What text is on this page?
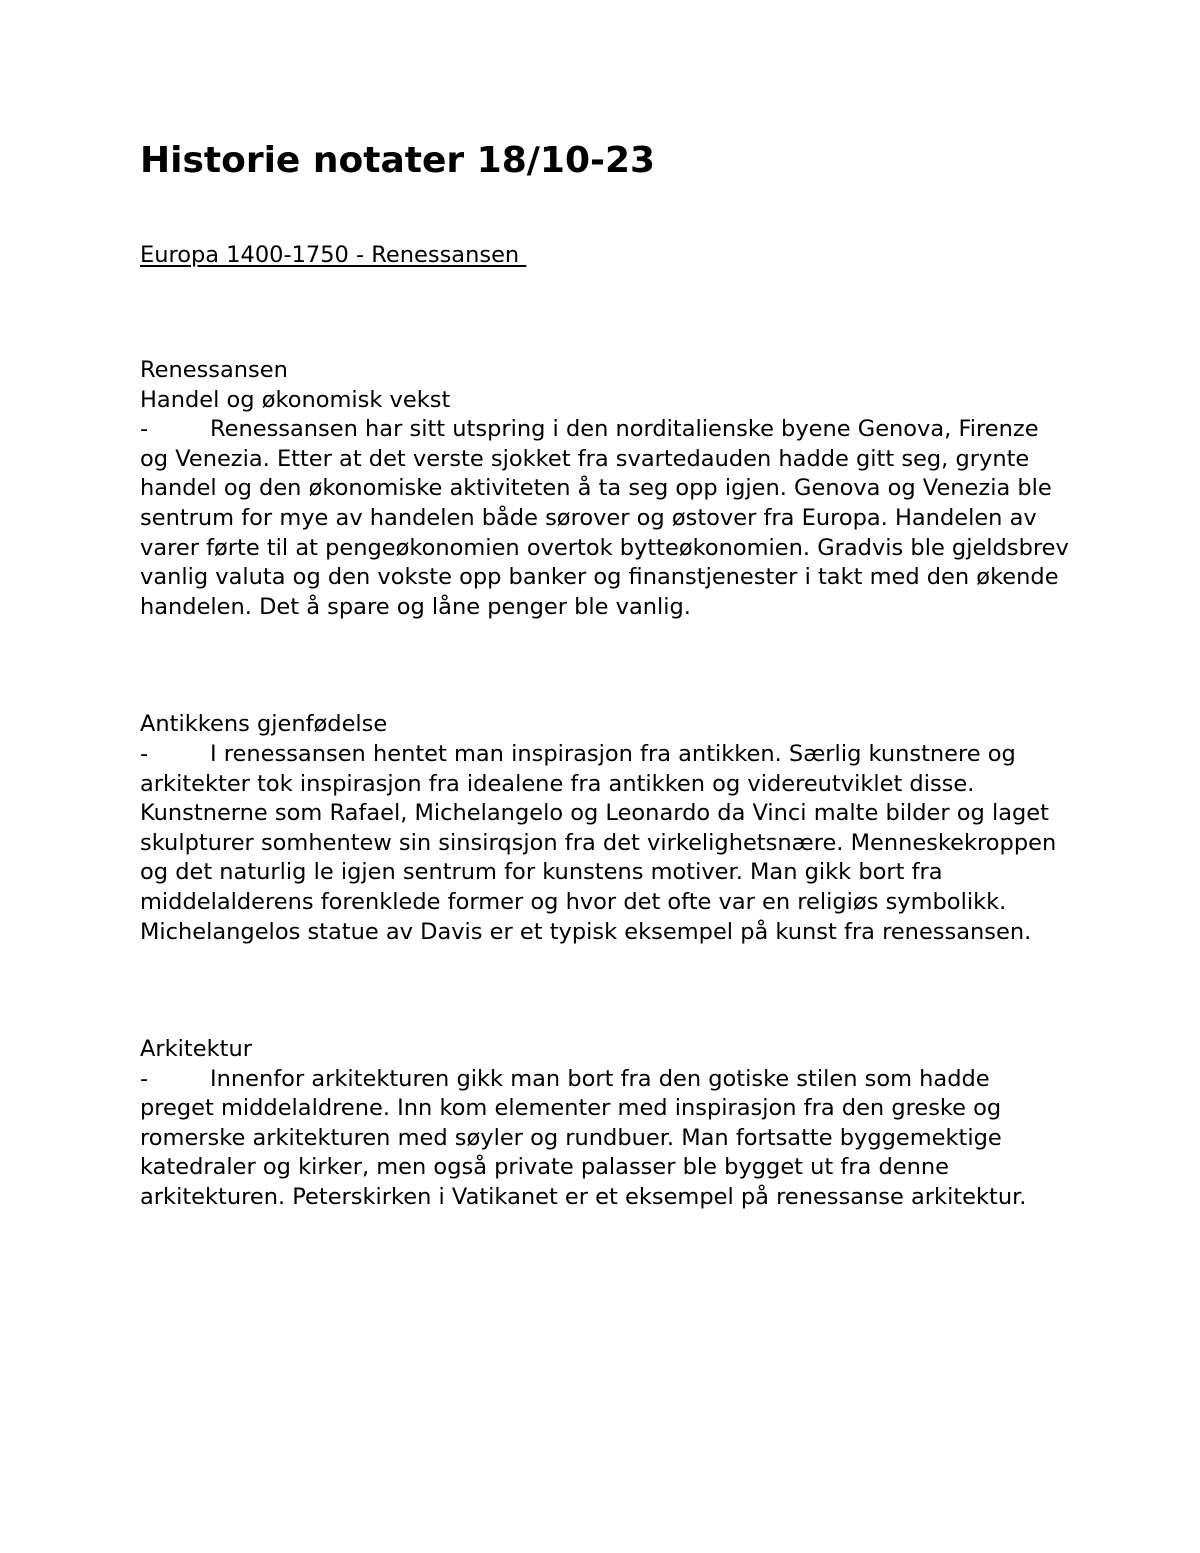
Historie notater 18/10-23
Europa 1400-1750 - Renessansen
Renessansen
Handel og økonomisk vekst

-	Renessansen har sitt utspring i den norditalienske byene Genova, Firenze og Venezia. Etter at det verste sjokket fra svartedauden hadde gitt seg, grynte handel og den økonomiske aktiviteten å ta seg opp igjen. Genova og Venezia ble sentrum for mye av handelen både sørover og østover fra Europa. Handelen av varer førte til at pengeøkonomien overtok bytteøkonomien. Gradvis ble gjeldsbrev vanlig valuta og den vokste opp banker og finanstjenester i takt med den økende handelen. Det å spare og låne penger ble vanlig.

Antikkens gjenfødelse

-	I renessansen hentet man inspirasjon fra antikken. Særlig kunstnere og arkitekter tok inspirasjon fra idealene fra antikken og videreutviklet disse. Kunstnerne som Rafael, Michelangelo og Leonardo da Vinci malte bilder og laget skulpturer somhentew sin sinsirqsjon fra det virkelighetsnære. Menneskekroppen og det naturlig le igjen sentrum for kunstens motiver. Man gikk bort fra middelalderens forenklede former og hvor det ofte var en religiøs symbolikk. Michelangelos statue av Davis er et typisk eksempel på kunst fra renessansen.

Arkitektur

-	Innenfor arkitekturen gikk man bort fra den gotiske stilen som hadde preget middelaldrene. Inn kom elementer med inspirasjon fra den greske og romerske arkitekturen med søyler og rundbuer. Man fortsatte byggemektige katedraler og kirker, men også private palasser ble bygget ut fra denne arkitekturen. Peterskirken i Vatikanet er et eksempel på renessanse arkitektur.
